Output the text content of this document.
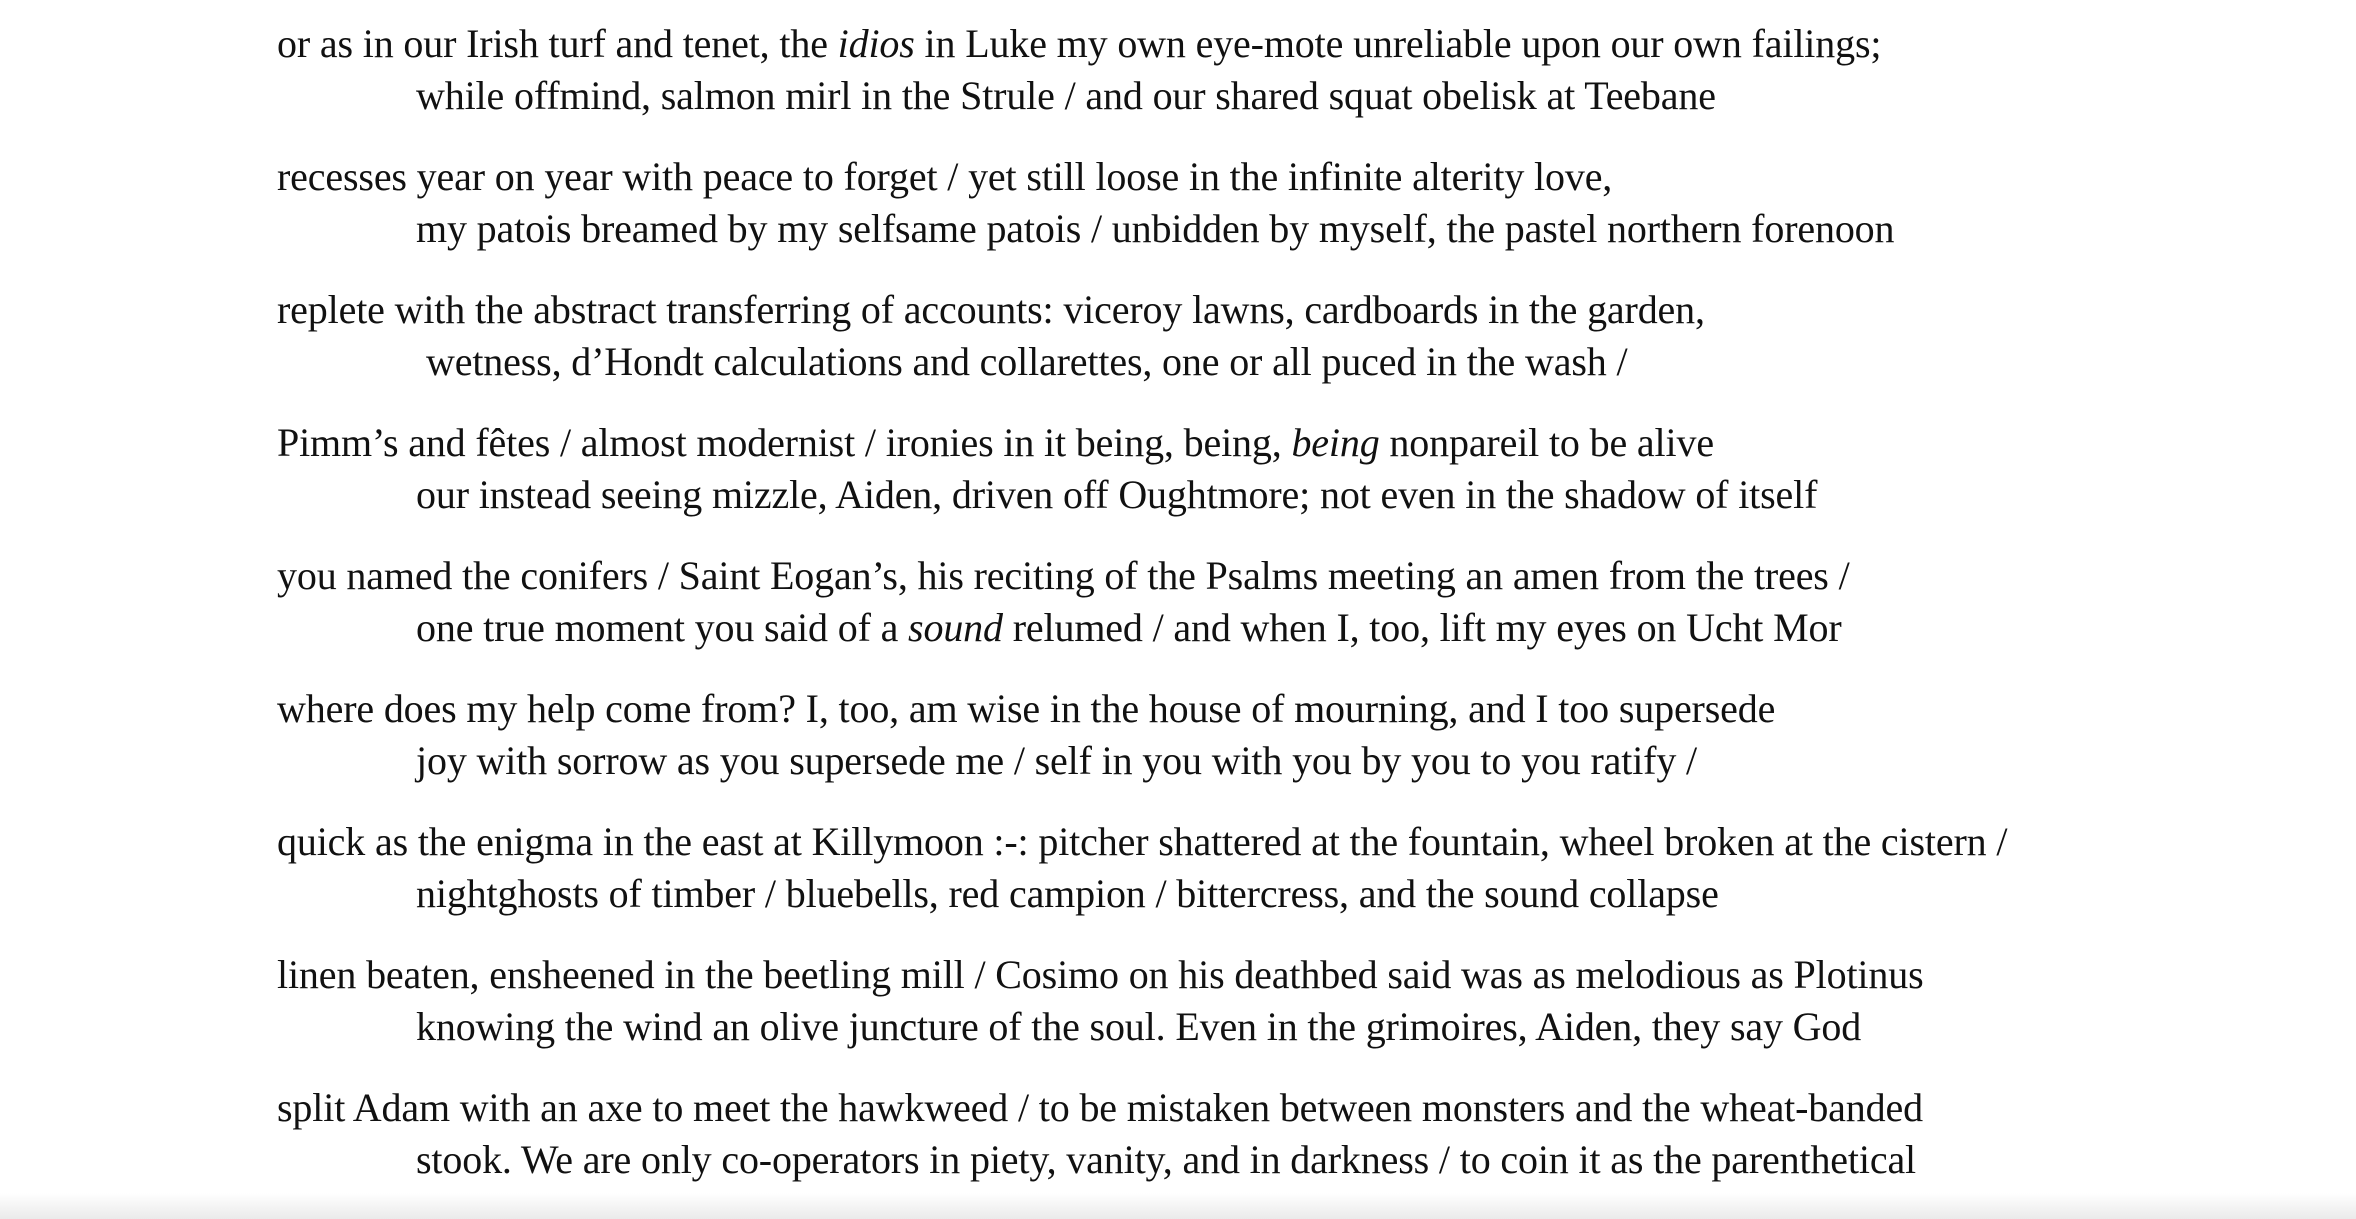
or as in our Irish turf and tenet, the idios in Luke my own eye-mote unreliable upon our own failings;
while offmind, salmon mirl in the Strule / and our shared squat obelisk at Teebane
recesses year on year with peace to forget / yet still loose in the infinite alterity love,
my patois breamed by my selfsame patois / unbidden by myself, the pastel northern forenoon
replete with the abstract transferring of accounts: viceroy lawns, cardboards in the garden,
wetness, d’Hondt calculations and collarettes, one or all puced in the wash /
Pimm’s and fêtes / almost modernist / ironies in it being, being, being nonpareil to be alive
our instead seeing mizzle, Aiden, driven off Oughtmore; not even in the shadow of itself
you named the conifers / Saint Eogan’s, his reciting of the Psalms meeting an amen from the trees /
one true moment you said of a sound relumed / and when I, too, lift my eyes on Ucht Mor
where does my help come from? I, too, am wise in the house of mourning, and I too supersede
joy with sorrow as you supersede me / self in you with you by you to you ratify /
quick as the enigma in the east at Killymoon :-: pitcher shattered at the fountain, wheel broken at the cistern /
nightghosts of timber / bluebells, red campion / bittercress, and the sound collapse
linen beaten, ensheened in the beetling mill / Cosimo on his deathbed said was as melodious as Plotinus
knowing the wind an olive juncture of the soul. Even in the grimoires, Aiden, they say God
split Adam with an axe to meet the hawkweed / to be mistaken between monsters and the wheat-banded
stook. We are only co-operators in piety, vanity, and in darkness / to coin it as the parenthetical
